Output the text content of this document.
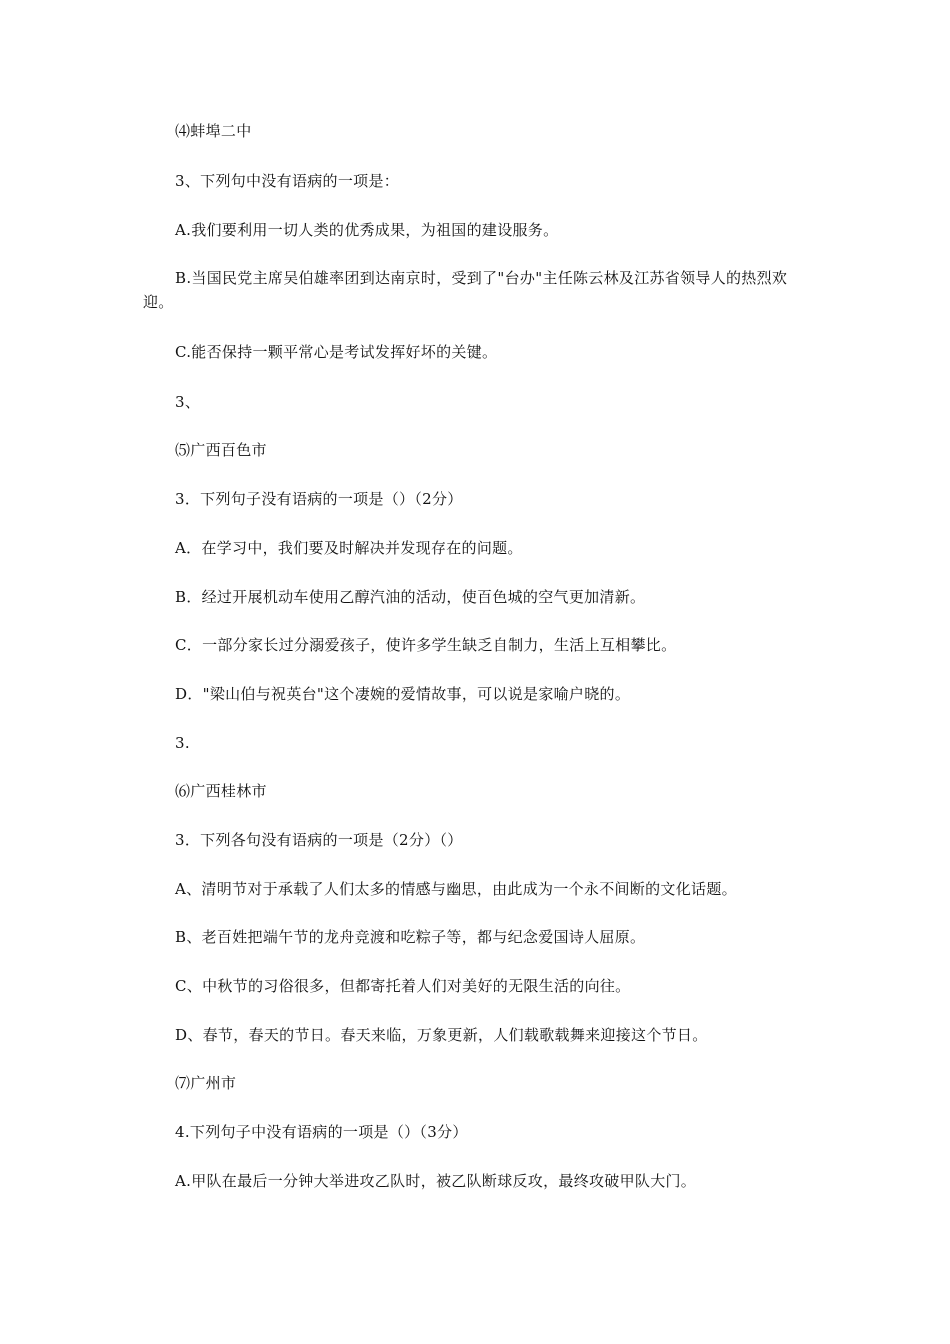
⑷蚌埠二中
3、下列句中没有语病的一项是：
A.我们要利用一切人类的优秀成果，为祖国的建设服务。
B.当国民党主席吴伯雄率团到达南京时，受到了"台办"主任陈云林及江苏省领导人的热烈欢迎。
C.能否保持一颗平常心是考试发挥好坏的关键。
3、
⑸广西百色市
3．下列句子没有语病的一项是（）（2分）
A．在学习中，我们要及时解决并发现存在的问题。
B．经过开展机动车使用乙醇汽油的活动，使百色城的空气更加清新。
C．一部分家长过分溺爱孩子，使许多学生缺乏自制力，生活上互相攀比。
D．"梁山伯与祝英台"这个凄婉的爱情故事，可以说是家喻户晓的。
3.
⑹广西桂林市
3．下列各句没有语病的一项是（2分）（）
A、清明节对于承载了人们太多的情感与幽思，由此成为一个永不间断的文化话题。
B、老百姓把端午节的龙舟竞渡和吃粽子等，都与纪念爱国诗人屈原。
C、中秋节的习俗很多，但都寄托着人们对美好的无限生活的向往。
D、春节，春天的节日。春天来临，万象更新，人们载歌载舞来迎接这个节日。
⑺广州市
4.下列句子中没有语病的一项是（）（3分）
A.甲队在最后一分钟大举进攻乙队时，被乙队断球反攻，最终攻破甲队大门。
